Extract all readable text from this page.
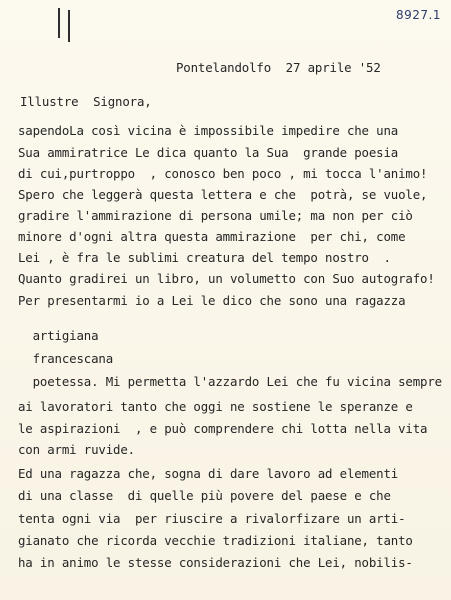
8927.1
Pontelandolfo  27 aprile '52
Illustre  Signora,
sapendoLa così vicina è impossibile impedire che una
Sua ammiratrice Le dica quanto la Sua  grande poesia
di cui,purtroppo  , conosco ben poco , mi tocca l'animo!
Spero che leggerà questa lettera e che  potrà, se vuole,
gradire l'ammirazione di persona umile; ma non per ciò
minore d'ogni altra questa ammirazione  per chi, come
Lei , è fra le sublimi creatura del tempo nostro  .
Quanto gradirei un libro, un volumetto con Suo autografo!
Per presentarmi io a Lei le dico che sono una ragazza
artigiana
francescana
poetessa. Mi permetta l'azzardo Lei che fu vicina sempre
ai lavoratori tanto che oggi ne sostiene le speranze e
le aspirazioni  , e può comprendere chi lotta nella vita
con armi ruvide.
Ed una ragazza che, sogna di dare lavoro ad elementi
di una classe  di quelle più povere del paese e che
tenta ogni via  per riuscire a rivalorfizare un arti-
gianato che ricorda vecchie tradizioni italiane, tanto
ha in animo le stesse considerazioni che Lei, nobilis-
